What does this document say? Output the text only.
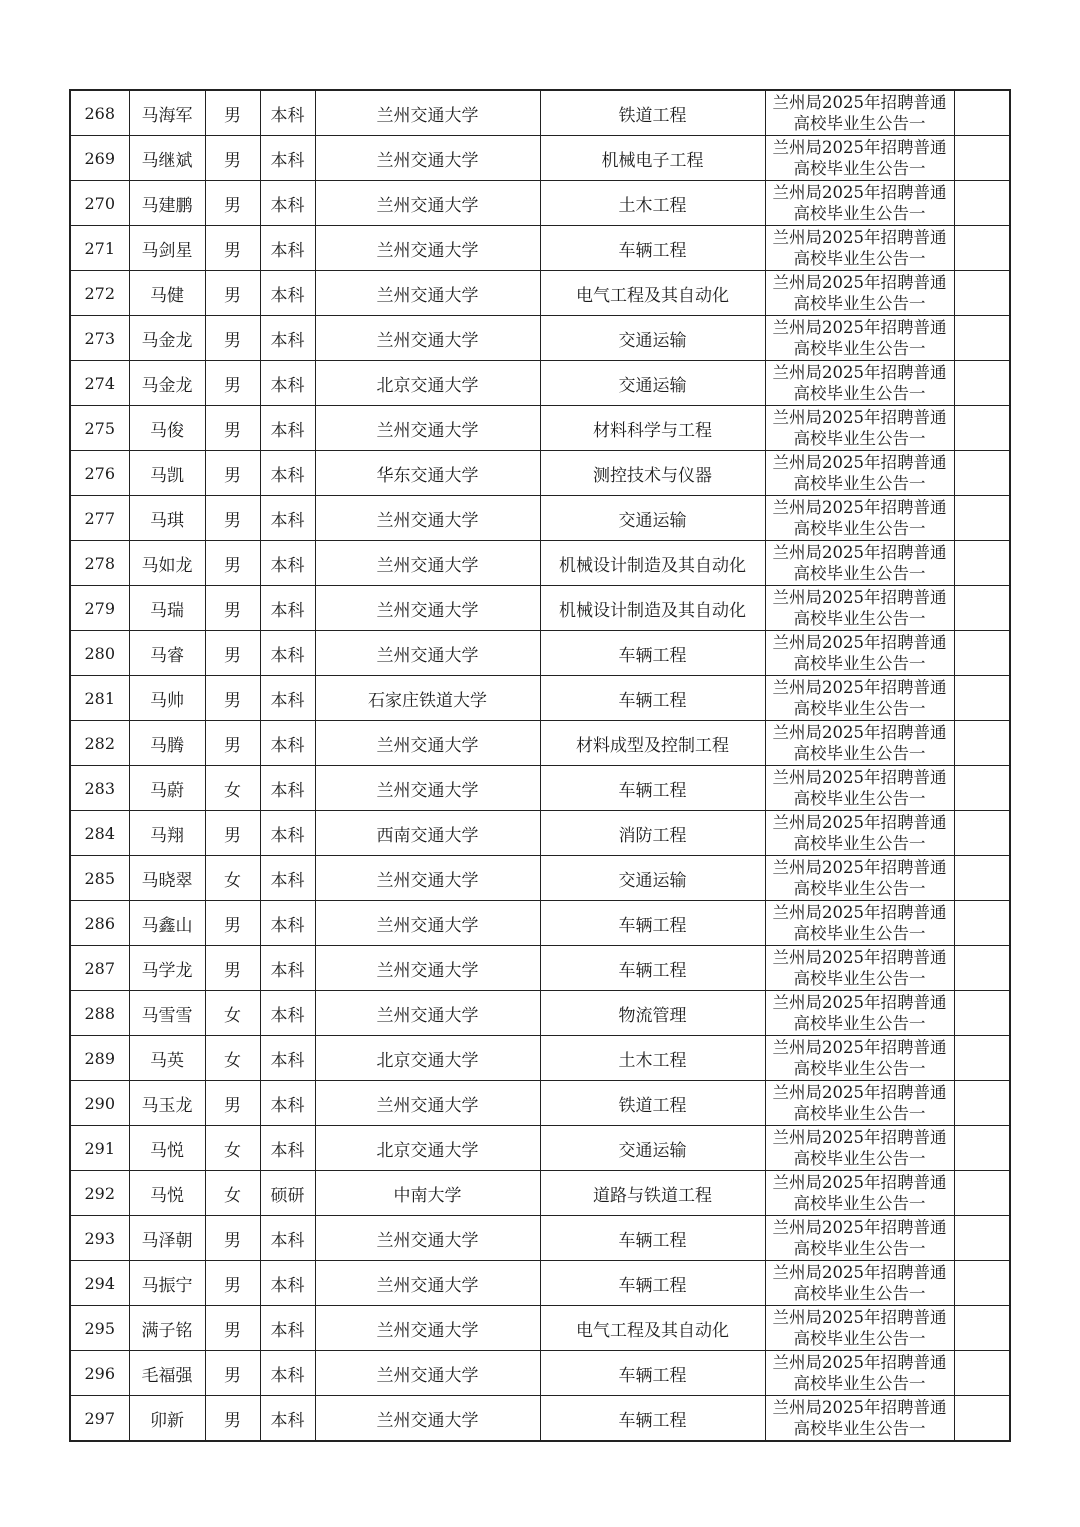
268	马海军	男	本科	兰州交通大学	铁道工程	兰州局2025年招聘普通
高校毕业生公告一	

269	马继斌	男	本科	兰州交通大学	机械电子工程	兰州局2025年招聘普通
高校毕业生公告一	

270	马建鹏	男	本科	兰州交通大学	土木工程	兰州局2025年招聘普通
高校毕业生公告一	

271	马剑星	男	本科	兰州交通大学	车辆工程	兰州局2025年招聘普通
高校毕业生公告一	

272	马健	男	本科	兰州交通大学	电气工程及其自动化	兰州局2025年招聘普通
高校毕业生公告一	

273	马金龙	男	本科	兰州交通大学	交通运输	兰州局2025年招聘普通
高校毕业生公告一	

274	马金龙	男	本科	北京交通大学	交通运输	兰州局2025年招聘普通
高校毕业生公告一	

275	马俊	男	本科	兰州交通大学	材料科学与工程	兰州局2025年招聘普通
高校毕业生公告一	

276	马凯	男	本科	华东交通大学	测控技术与仪器	兰州局2025年招聘普通
高校毕业生公告一	

277	马琪	男	本科	兰州交通大学	交通运输	兰州局2025年招聘普通
高校毕业生公告一	

278	马如龙	男	本科	兰州交通大学	机械设计制造及其自动化	兰州局2025年招聘普通
高校毕业生公告一	

279	马瑞	男	本科	兰州交通大学	机械设计制造及其自动化	兰州局2025年招聘普通
高校毕业生公告一	

280	马睿	男	本科	兰州交通大学	车辆工程	兰州局2025年招聘普通
高校毕业生公告一	

281	马帅	男	本科	石家庄铁道大学	车辆工程	兰州局2025年招聘普通
高校毕业生公告一	

282	马腾	男	本科	兰州交通大学	材料成型及控制工程	兰州局2025年招聘普通
高校毕业生公告一	

283	马蔚	女	本科	兰州交通大学	车辆工程	兰州局2025年招聘普通
高校毕业生公告一	

284	马翔	男	本科	西南交通大学	消防工程	兰州局2025年招聘普通
高校毕业生公告一	

285	马晓翠	女	本科	兰州交通大学	交通运输	兰州局2025年招聘普通
高校毕业生公告一	

286	马鑫山	男	本科	兰州交通大学	车辆工程	兰州局2025年招聘普通
高校毕业生公告一	

287	马学龙	男	本科	兰州交通大学	车辆工程	兰州局2025年招聘普通
高校毕业生公告一	

288	马雪雪	女	本科	兰州交通大学	物流管理	兰州局2025年招聘普通
高校毕业生公告一	

289	马英	女	本科	北京交通大学	土木工程	兰州局2025年招聘普通
高校毕业生公告一	

290	马玉龙	男	本科	兰州交通大学	铁道工程	兰州局2025年招聘普通
高校毕业生公告一	

291	马悦	女	本科	北京交通大学	交通运输	兰州局2025年招聘普通
高校毕业生公告一	

292	马悦	女	硕研	中南大学	道路与铁道工程	兰州局2025年招聘普通
高校毕业生公告一	

293	马泽朝	男	本科	兰州交通大学	车辆工程	兰州局2025年招聘普通
高校毕业生公告一	

294	马振宁	男	本科	兰州交通大学	车辆工程	兰州局2025年招聘普通
高校毕业生公告一	

295	满子铭	男	本科	兰州交通大学	电气工程及其自动化	兰州局2025年招聘普通
高校毕业生公告一	

296	毛福强	男	本科	兰州交通大学	车辆工程	兰州局2025年招聘普通
高校毕业生公告一	

297	卯新	男	本科	兰州交通大学	车辆工程	兰州局2025年招聘普通
高校毕业生公告一	
